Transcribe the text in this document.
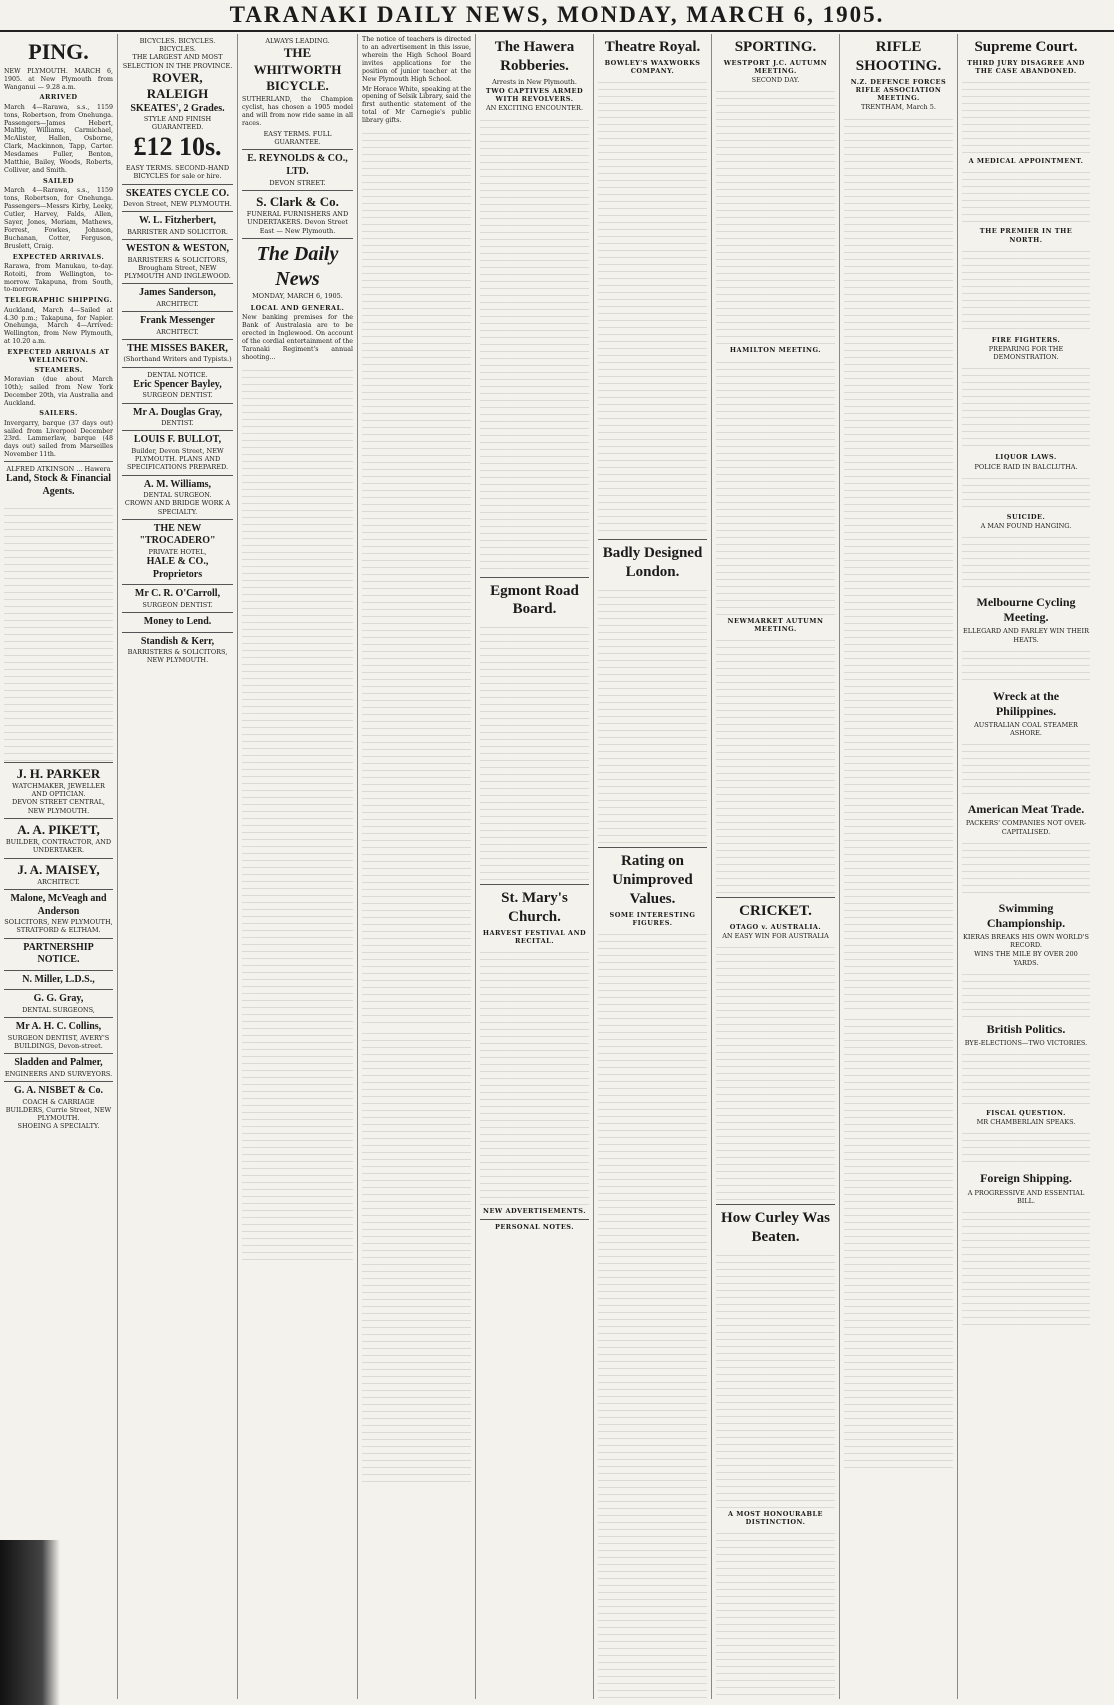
TARANAKI DAILY NEWS, MONDAY, MARCH 6, 1905.
PING.
NEW PLYMOUTH. MARCH 6, 1905. at New Plymouth from Wanganui — 9.28 a.m.
ARRIVED
March 4—Rarawa, s.s., 1159 tons, Robertson, from Onehunga. Passengers—James Hebert, Maltby, Williams, Carmichael, McAlister, Hallen, Osborne, Clark, Mackinnon, Tapp, Carter. Mesdames Fuller, Benton, Matthie, Bailey, Woods, Roberts, Colliver, and Smith.
SAILED
March 4—Rarawa, s.s., 1159 tons, Robertson, for Onehunga. Passengers—Messrs Kirby, Leeky, Cutler, Harvey, Falds, Allen, Sayer, Jones, Meriam, Mathews, Forrest, Fowkes, Johnson, Buchanan, Cotter, Ferguson, Bruslett, Craig.
EXPECTED ARRIVALS.
Rarawa, from Manukau, to-day. Rotoiti, from Wellington, to-morrow. Takapuna, from South, to-morrow.
TELEGRAPHIC SHIPPING.
Auckland, March 4—Sailed at 4.30 p.m.; Takapuna, for Napier. Onehunga, March 4—Arrived: Wellington, from New Plymouth, at 10.20 a.m.
EXPECTED ARRIVALS AT WELLINGTON.
STEAMERS.
Moravian (due about March 10th); sailed from New York December 20th, via Australia and Auckland.
SAILERS.
Invergarry, barque (37 days out) sailed from Liverpool December 23rd. Lammerlaw, barque (48 days out) sailed from Marseilles November 11th.
ALFRED ATKINSON ... Hawera
Land, Stock & Financial Agents.
J. H. PARKER
WATCHMAKER, JEWELLER AND OPTICIAN.
DEVON STREET CENTRAL, NEW PLYMOUTH.
A. A. PIKETT,
BUILDER, CONTRACTOR, AND UNDERTAKER.
J. A. MAISEY,
ARCHITECT.
Malone, McVeagh and Anderson
SOLICITORS, NEW PLYMOUTH, STRATFORD & ELTHAM.
PARTNERSHIP NOTICE.
N. Miller, L.D.S.,
G. G. Gray,
DENTAL SURGEONS,
Mr A. H. C. Collins,
SURGEON DENTIST, AVERY'S BUILDINGS, Devon-street.
Sladden and Palmer,
ENGINEERS AND SURVEYORS.
G. A. NISBET & Co.
COACH & CARRIAGE BUILDERS, Currie Street, NEW PLYMOUTH.
SHOEING A SPECIALTY.
BICYCLES. BICYCLES. BICYCLES.
THE LARGEST AND MOST SELECTION IN THE PROVINCE.
ROVER,
RALEIGH
SKEATES', 2 Grades.
STYLE AND FINISH GUARANTEED.
£12 10s.
EASY TERMS. SECOND-HAND BICYCLES for sale or hire.
SKEATES CYCLE CO.
Devon Street, NEW PLYMOUTH.
W. L. Fitzherbert,
BARRISTER AND SOLICITOR.
WESTON & WESTON,
BARRISTERS & SOLICITORS, Brougham Street, NEW PLYMOUTH AND INGLEWOOD.
James Sanderson,
ARCHITECT.
Frank Messenger
ARCHITECT.
THE MISSES BAKER,
(Shorthand Writers and Typists.)
DENTAL NOTICE.
Eric Spencer Bayley,
SURGEON DENTIST.
Mr A. Douglas Gray,
DENTIST.
LOUIS F. BULLOT,
Builder, Devon Street, NEW PLYMOUTH. PLANS AND SPECIFICATIONS PREPARED.
A. M. Williams,
DENTAL SURGEON.
CROWN AND BRIDGE WORK A SPECIALTY.
THE NEW "TROCADERO"
PRIVATE HOTEL,
HALE & CO., Proprietors
Mr C. R. O'Carroll,
SURGEON DENTIST.
Money to Lend.
Standish & Kerr,
BARRISTERS & SOLICITORS, NEW PLYMOUTH.
ALWAYS LEADING.
THE WHITWORTH BICYCLE.
SUTHERLAND, the Champion cyclist, has chosen a 1905 model and will from now ride same in all races.
EASY TERMS. FULL GUARANTEE.
E. REYNOLDS & CO., LTD.
DEVON STREET.
S. Clark & Co.
FUNERAL FURNISHERS AND UNDERTAKERS. Devon Street East — New Plymouth.
The Daily News
MONDAY, MARCH 6, 1905.
LOCAL AND GENERAL.
New banking premises for the Bank of Australasia are to be erected in Inglewood. On account of the cordial entertainment of the Taranaki Regiment's annual shooting...
The notice of teachers is directed to an advertisement in this issue, wherein the High School Board invites applications for the position of junior teacher at the New Plymouth High School.
Mr Horace White, speaking at the opening of Selsik Library, said the first authentic statement of the total of Mr Carnegie's public library gifts.
The Hawera Robberies.
Arrests in New Plymouth.
TWO CAPTIVES ARMED WITH REVOLVERS.
AN EXCITING ENCOUNTER.
Egmont Road Board.
St. Mary's Church.
HARVEST FESTIVAL AND RECITAL.
NEW ADVERTISEMENTS.
PERSONAL NOTES.
Theatre Royal.
BOWLEY'S WAXWORKS COMPANY.
Badly Designed London.
Rating on Unimproved Values.
SOME INTERESTING FIGURES.
SPORTING.
WESTPORT J.C. AUTUMN MEETING.
SECOND DAY.
HAMILTON MEETING.
NEWMARKET AUTUMN MEETING.
CRICKET.
OTAGO v. AUSTRALIA.
AN EASY WIN FOR AUSTRALIA
How Curley Was Beaten.
A MOST HONOURABLE DISTINCTION.
RIFLE SHOOTING.
N.Z. DEFENCE FORCES RIFLE ASSOCIATION MEETING.
TRENTHAM, March 5.
Supreme Court.
THIRD JURY DISAGREE AND THE CASE ABANDONED.
A MEDICAL APPOINTMENT.
THE PREMIER IN THE NORTH.
FIRE FIGHTERS.
PREPARING FOR THE DEMONSTRATION.
LIQUOR LAWS.
POLICE RAID IN BALCLUTHA.
SUICIDE.
A MAN FOUND HANGING.
Melbourne Cycling Meeting.
ELLEGARD AND FARLEY WIN THEIR HEATS.
Wreck at the Philippines.
AUSTRALIAN COAL STEAMER ASHORE.
American Meat Trade.
PACKERS' COMPANIES NOT OVER-CAPITALISED.
Swimming Championship.
KIERAS BREAKS HIS OWN WORLD'S RECORD.
WINS THE MILE BY OVER 200 YARDS.
British Politics.
BYE-ELECTIONS—TWO VICTORIES.
FISCAL QUESTION.
MR CHAMBERLAIN SPEAKS.
Foreign Shipping.
A PROGRESSIVE AND ESSENTIAL BILL.
